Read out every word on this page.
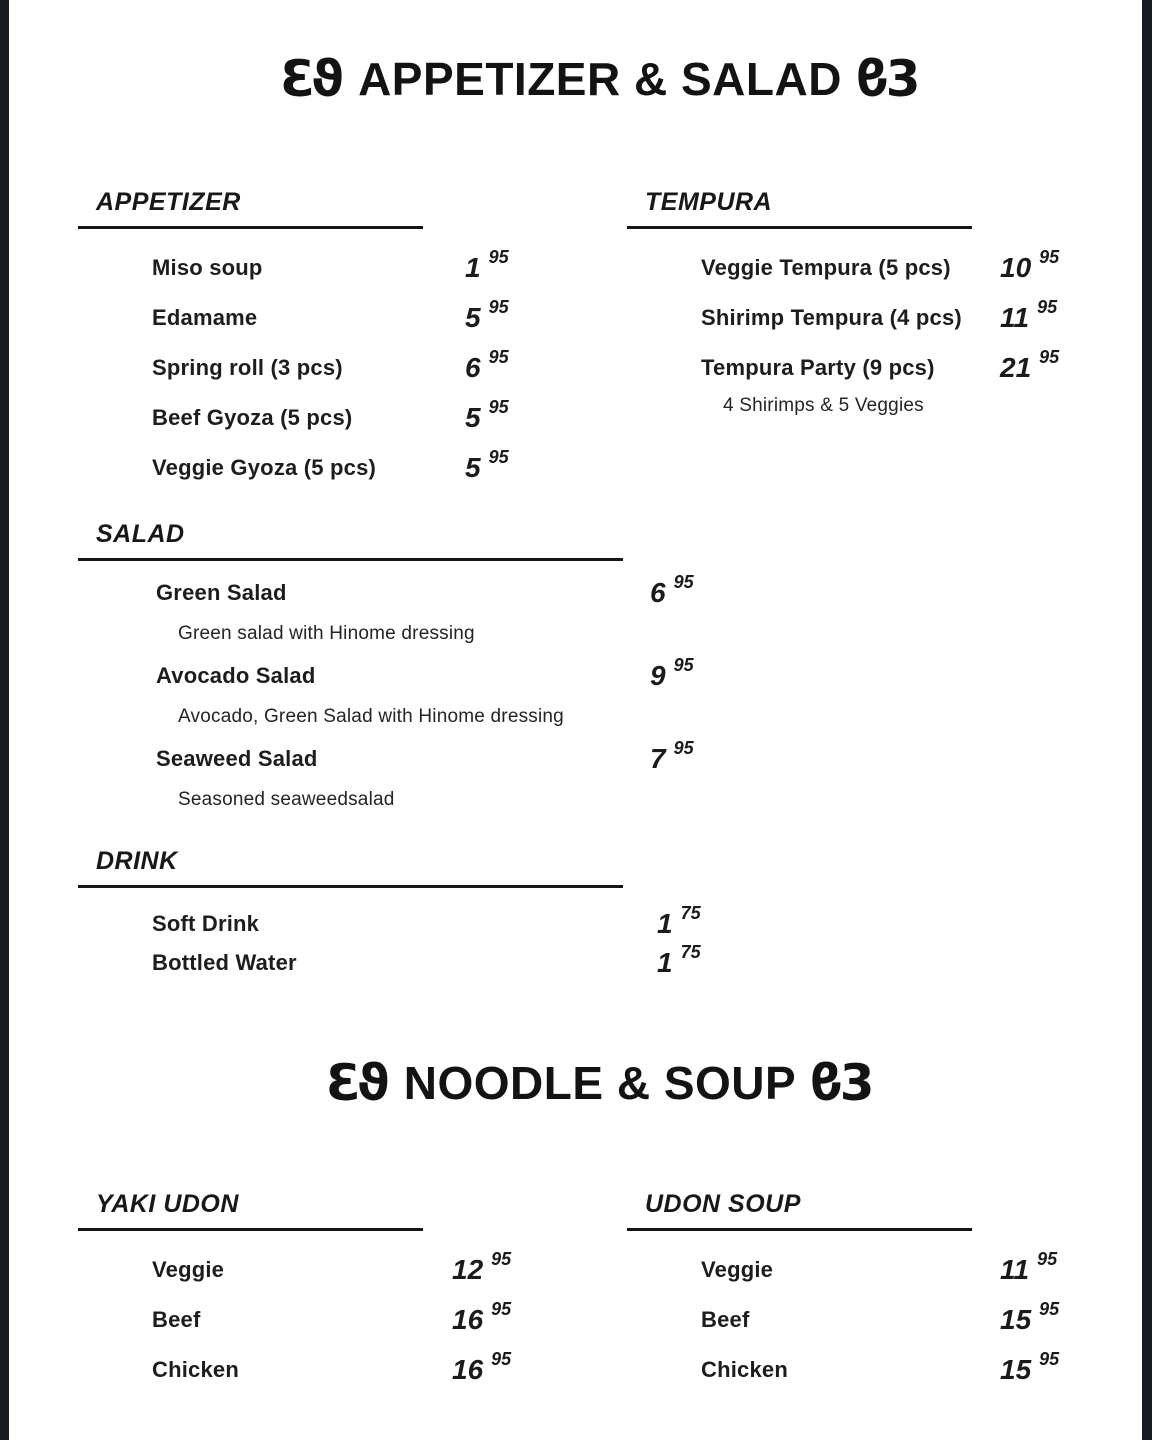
Ɛϑ APPETIZER & SALAD Ɛϑ
APPETIZER
Miso soup	1 95
Edamame	5 95
Spring roll (3 pcs)	6 95
Beef Gyoza (5 pcs)	5 95
Veggie Gyoza (5 pcs)	5 95
TEMPURA
Veggie Tempura (5 pcs) 10 95
Shirimp Tempura (4 pcs) 11 95
Tempura Party (9 pcs) 21 95
4 Shirimps & 5 Veggies
SALAD
Green Salad	6 95
Green salad with Hinome dressing
Avocado Salad	9 95
Avocado, Green Salad with Hinome dressing
Seaweed Salad	7 95
Seasoned seaweedsalad
DRINK
Soft Drink	1 75
Bottled Water	1 75
Ɛϑ NOODLE & SOUP Ɛϑ
YAKI UDON
Veggie	12 95
Beef	16 95
Chicken	16 95
UDON SOUP
Veggie	11 95
Beef	15 95
Chicken	15 95
